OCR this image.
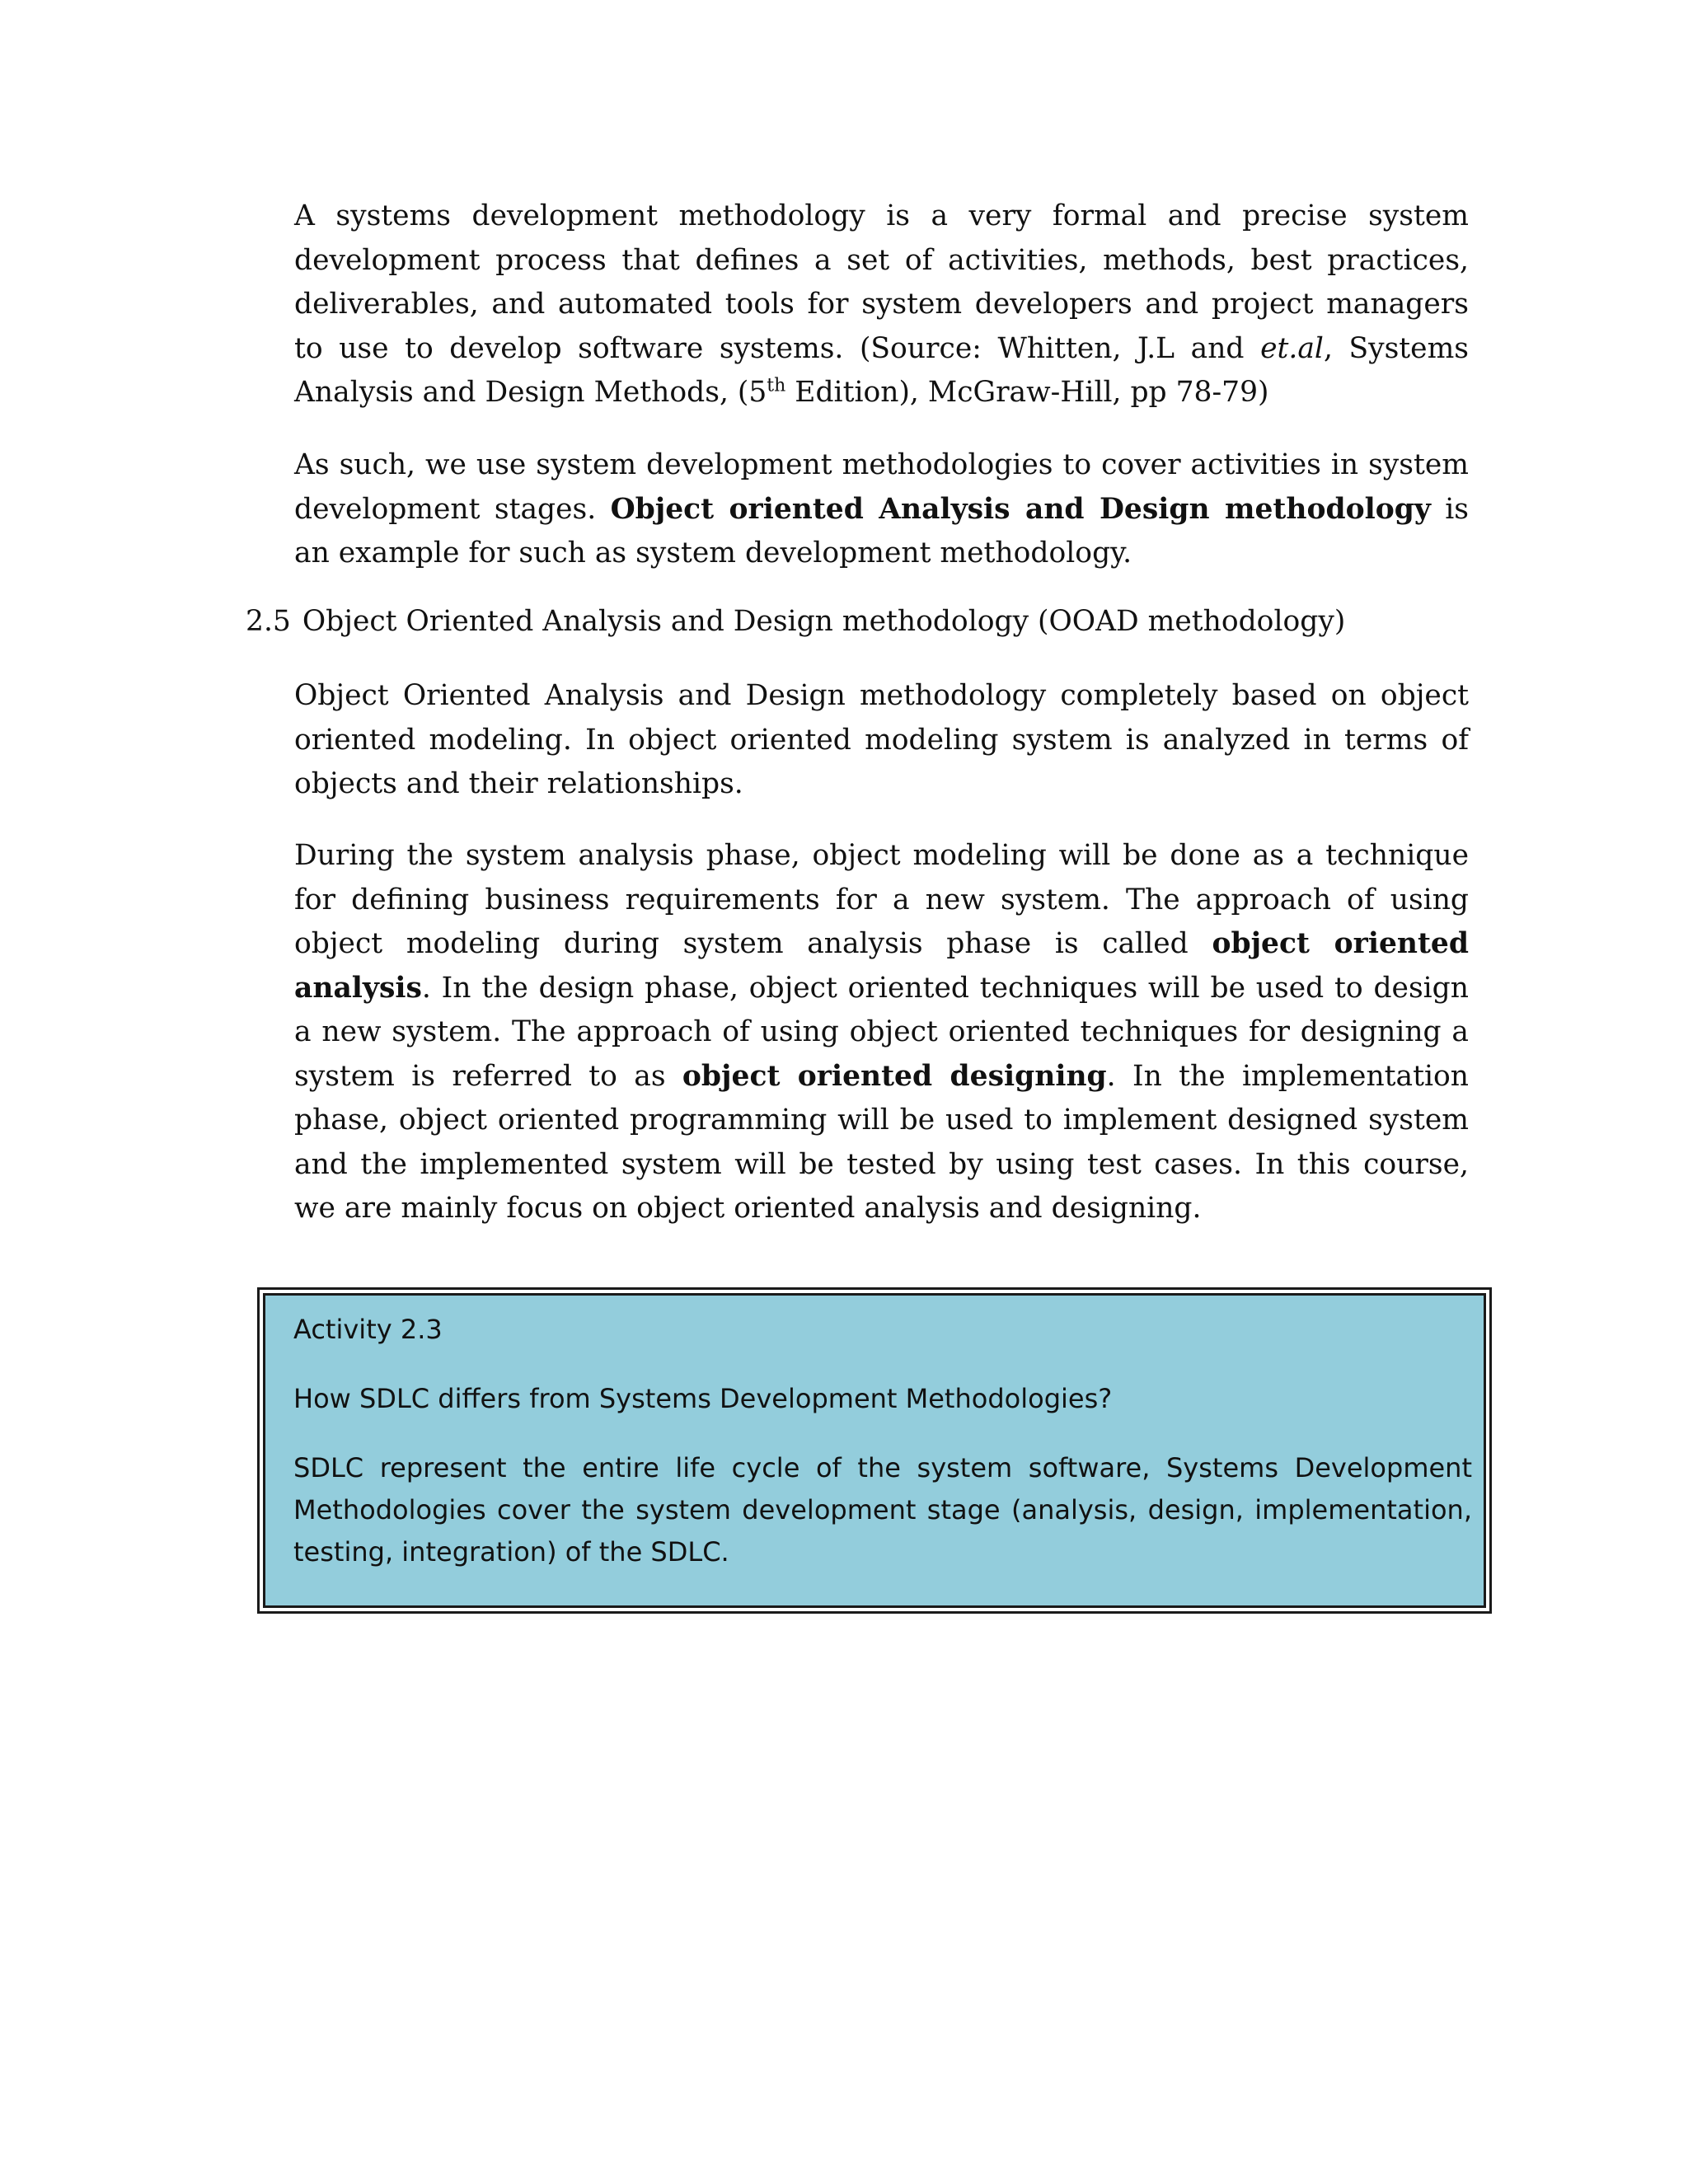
A systems development methodology is a very formal and precise system development process that defines a set of activities, methods, best practices, deliverables, and automated tools for system developers and project managers to use to develop software systems. (Source: Whitten, J.L and et.al, Systems Analysis and Design Methods, (5th Edition), McGraw-Hill, pp 78-79)

As such, we use system development methodologies to cover activities in system development stages. Object oriented Analysis and Design methodology is an example for such as system development methodology.

2.5 Object Oriented Analysis and Design methodology (OOAD methodology)

Object Oriented Analysis and Design methodology completely based on object oriented modeling. In object oriented modeling system is analyzed in terms of objects and their relationships.

During the system analysis phase, object modeling will be done as a technique for defining business requirements for a new system. The approach of using object modeling during system analysis phase is called object oriented analysis. In the design phase, object oriented techniques will be used to design a new system. The approach of using object oriented techniques for designing a system is referred to as object oriented designing. In the implementation phase, object oriented programming will be used to implement designed system and the implemented system will be tested by using test cases. In this course, we are mainly focus on object oriented analysis and designing.

Activity 2.3

How SDLC differs from Systems Development Methodologies?

SDLC represent the entire life cycle of the system software, Systems Development Methodologies cover the system development stage (analysis, design, implementation, testing, integration) of the SDLC.
